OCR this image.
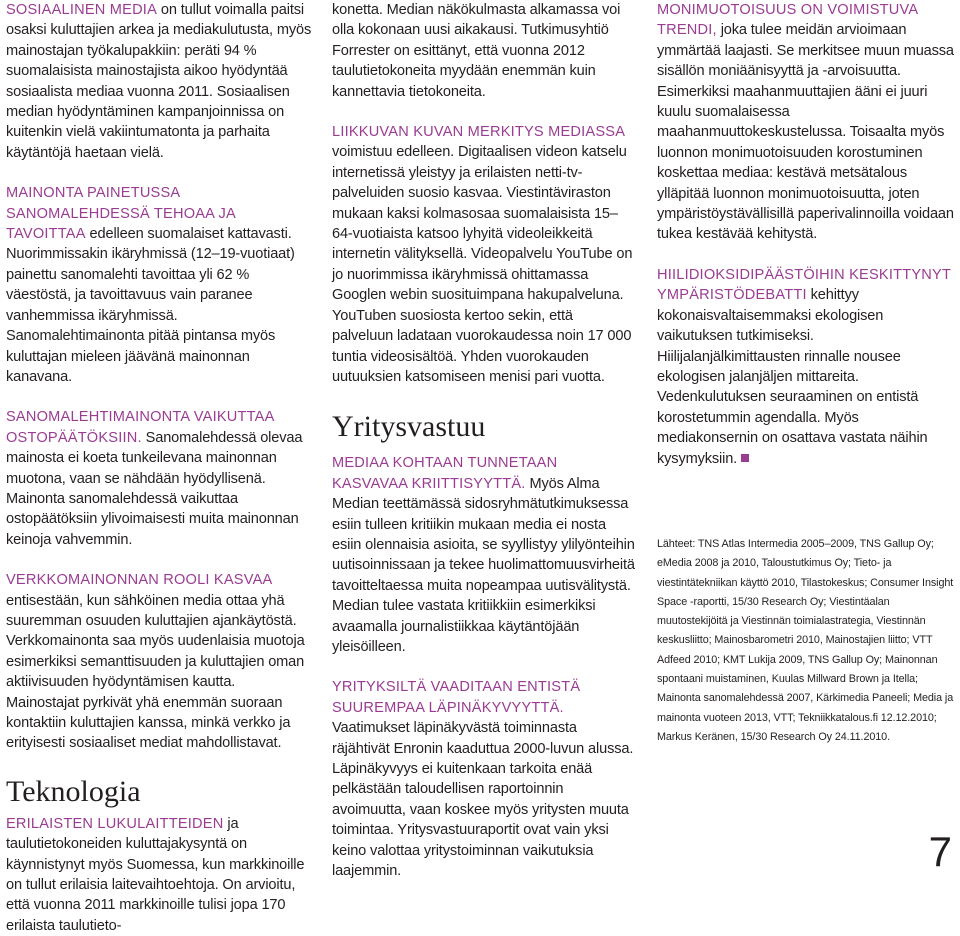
SOSIAALINEN MEDIA on tullut voimalla paitsi osaksi kuluttajien arkea ja mediakulutusta, myös mainostajan työkalupakkiin: peräti 94 % suomalaisista mainostajista aikoo hyödyntää sosiaalista mediaa vuonna 2011. Sosiaalisen median hyödyntäminen kampanjoinnissa on kuitenkin vielä vakiintumatonta ja parhaita käytäntöjä haetaan vielä.

MAINONTA PAINETUSSA SANOMALEHDESSÄ TEHOAA JA TAVOITTAA edelleen suomalaiset kattavasti. Nuorimmissakin ikäryhmissä (12–19-vuotiaat) painettu sanomalehti tavoittaa yli 62 % väestöstä, ja tavoittavuus vain paranee vanhemmissa ikäryhmissä. Sanomalehtimainonta pitää pintansa myös kuluttajan mieleen jäävänä mainonnan kanavana.

SANOMALEHTIMAINONTA VAIKUTTAA OSTOPÄÄTÖKSIIN. Sanomalehdessä olevaa mainosta ei koeta tunkeilevana mainonnan muotona, vaan se nähdään hyödyllisenä. Mainonta sanomalehdessä vaikuttaa ostopäätöksiin ylivoimaisesti muita mainonnan keinoja vahvemmin.

VERKKOMAINONNAN ROOLI KASVAA entisestään, kun sähköinen media ottaa yhä suuremman osuuden kuluttajien ajankäytöstä. Verkkomainonta saa myös uudenlaisia muotoja esimerkiksi semanttisuuden ja kuluttajien oman aktiivisuuden hyödyntämisen kautta. Mainostajat pyrkivät yhä enemmän suoraan kontaktiin kuluttajien kanssa, minkä verkko ja erityisesti sosiaaliset mediat mahdollistavat.

Teknologia

ERILAISTEN LUKULAITTEIDEN ja taulutietokoneiden kuluttajakysyntä on käynnistynyt myös Suomessa, kun markkinoille on tullut erilaisia laitevaihtoehtoja. On arvioitu, että vuonna 2011 markkinoille tulisi jopa 170 erilaista taulutieto-

konetta. Median näkökulmasta alkamassa voi olla kokonaan uusi aikakausi. Tutkimusyhtiö Forrester on esittänyt, että vuonna 2012 taulutietokoneita myydään enemmän kuin kannettavia tietokoneita.

LIIKKUVAN KUVAN MERKITYS MEDIASSA voimistuu edelleen. Digitaalisen videon katselu internetissä yleistyy ja erilaisten netti-tv-palveluiden suosio kasvaa. Viestintäviraston mukaan kaksi kolmasosaa suomalaisista 15–64-vuotiaista katsoo lyhyitä videoleikkeitä internetin välityksellä. Videopalvelu YouTube on jo nuorimmissa ikäryhmissä ohittamassa Googlen webin suosituimpana hakupalveluna. YouTuben suosiosta kertoo sekin, että palveluun ladataan vuorokaudessa noin 17 000 tuntia videosisältöä. Yhden vuorokauden uutuuksien katsomiseen menisi pari vuotta.

Yritysvastuu

MEDIAA KOHTAAN TUNNETAAN KASVAVAA KRIITTISYYTTÄ. Myös Alma Median teettämässä sidosryhmätutkimuksessa esiin tulleen kritiikin mukaan media ei nosta esiin olennaisia asioita, se syyllistyy ylilyönteihin uutisoinnissaan ja tekee huolimattomuusvirheitä tavoitteltaessa muita nopeampaa uutisvälitystä. Median tulee vastata kritiikkiin esimerkiksi avaamalla journalistiikkaa käytäntöjään yleisöilleen.

YRITYKSILTÄ VAADITAAN ENTISTÄ SUUREMPAA LÄPINÄKYVYYTTÄ. Vaatimukset läpinäkyvästä toiminnasta räjähtivät Enronin kaaduttua 2000-luvun alussa. Läpinäkyvyys ei kuitenkaan tarkoita enää pelkästään taloudellisen raportoinnin avoimuutta, vaan koskee myös yritysten muuta toimintaa. Yritysvastuuraportit ovat vain yksi keino valottaa yritystoiminnan vaikutuksia laajemmin.

MONIMUOTOISUUS ON VOIMISTUVA TRENDI, joka tulee meidän arvioimaan ymmärtää laajasti. Se merkitsee muun muassa sisällön moniäänisyyttä ja -arvoisuutta. Esimerkiksi maahanmuuttajien ääni ei juuri kuulu suomalaisessa maahanmuuttokeskustelussa. Toisaalta myös luonnon monimuotoisuuden korostuminen koskettaa mediaa: kestävä metsätalous ylläpitää luonnon monimuotoisuutta, joten ympäristöystävällisillä paperivalinnoilla voidaan tukea kestävää kehitystä.

HIILIDIOKSIDIPÄÄSTÖIHIN KESKITTYNYT YMPÄRISTÖDEBATTI kehittyy kokonaisvaltaisemmaksi ekologisen vaikutuksen tutkimiseksi. Hiilijalanjälkimittausten rinnalle nousee ekologisen jalanjäljen mittareita. Vedenkulutuksen seuraaminen on entistä korostetummin agendalla. Myös mediakonsernin on osattava vastata näihin kysymyksiin.

Lähteet: TNS Atlas Intermedia 2005–2009, TNS Gallup Oy; eMedia 2008 ja 2010, Taloustutkimus Oy; Tieto- ja viestintätekniikan käyttö 2010, Tilastokeskus; Consumer Insight Space -raportti, 15/30 Research Oy; Viestintäalan muutostekijöitä ja Viestinnän toimialastrategia, Viestinnän keskusliitto; Mainosbarometri 2010, Mainostajien liitto; VTT Adfeed 2010; KMT Lukija 2009, TNS Gallup Oy; Mainonnan spontaani muistaminen, Kuulas Millward Brown ja Itella; Mainonta sanomalehdessä 2007, Kärkimedia Paneeli; Media ja mainonta vuoteen 2013, VTT; Tekniikkatalous.fi 12.12.2010; Markus Keränen, 15/30 Research Oy 24.11.2010.

7
